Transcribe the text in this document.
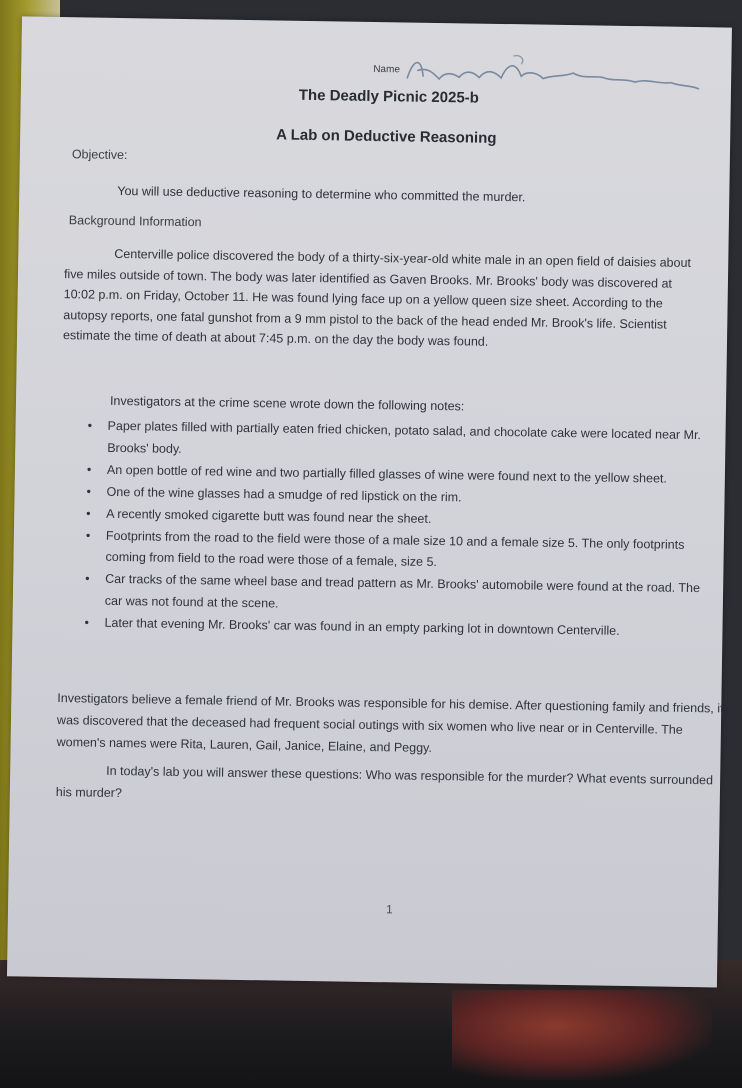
Name
The Deadly Picnic 2025-b
A Lab on Deductive Reasoning
Objective:
You will use deductive reasoning to determine who committed the murder.
Background Information
Centerville police discovered the body of a thirty-six-year-old white male in an open field of daisies about five miles outside of town. The body was later identified as Gaven Brooks. Mr. Brooks' body was discovered at 10:02 p.m. on Friday, October 11. He was found lying face up on a yellow queen size sheet. According to the autopsy reports, one fatal gunshot from a 9 mm pistol to the back of the head ended Mr. Brook's life. Scientist estimate the time of death at about 7:45 p.m. on the day the body was found.
Investigators at the crime scene wrote down the following notes:
• Paper plates filled with partially eaten fried chicken, potato salad, and chocolate cake were located near Mr. Brooks' body.
• An open bottle of red wine and two partially filled glasses of wine were found next to the yellow sheet.
• One of the wine glasses had a smudge of red lipstick on the rim.
• A recently smoked cigarette butt was found near the sheet.
• Footprints from the road to the field were those of a male size 10 and a female size 5. The only footprints coming from field to the road were those of a female, size 5.
• Car tracks of the same wheel base and tread pattern as Mr. Brooks' automobile were found at the road. The car was not found at the scene.
• Later that evening Mr. Brooks' car was found in an empty parking lot in downtown Centerville.
Investigators believe a female friend of Mr. Brooks was responsible for his demise. After questioning family and friends, it was discovered that the deceased had frequent social outings with six women who live near or in Centerville. The women's names were Rita, Lauren, Gail, Janice, Elaine, and Peggy.
In today's lab you will answer these questions: Who was responsible for the murder? What events surrounded his murder?
1
